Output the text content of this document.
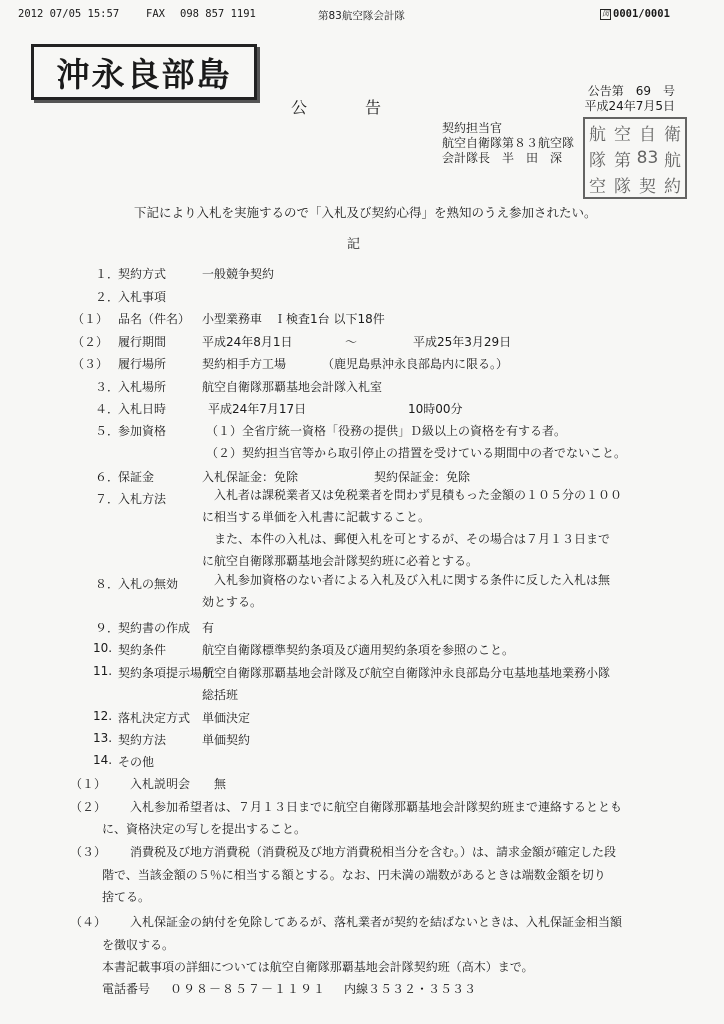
2012 07/05 15:57	FAX 098 857 1191	第83航空隊会計隊	図 0001/0001
沖永良部島	公告第　69　号
平成24年7月5日
公告
契約担当官
航空自衛隊第８３航空隊
会計隊長　半　田　深
航 空 自 衛
隊 第 83 航
空 隊 契 約
下記により入札を実施するので「入札及び契約心得」を熟知のうえ参加されたい。
記
１．
契約方式	一般競争契約
２．
入札事項
（１） 品名（件名） 小型業務車　Ｉ検査1台 以下18件
（２） 履行期間	平成24年8月1日	～	平成25年3月29日
（３） 履行場所	契約相手方工場	（鹿児島県沖永良部島内に限る。）
３．
入札場所	航空自衛隊那覇基地会計隊入札室
４．
入札日時	平成24年7月17日	10時00分
５．
参加資格	（１）全省庁統一資格「役務の提供」Ｄ級以上の資格を有する者。
（２）契約担当官等から取引停止の措置を受けている期間中の者でないこと。
６．
保証金	入札保証金：免除	契約保証金：免除
７．
入札方法	入札者は課税業者又は免税業者を問わず見積もった金額の１０５分の１００
に相当する単価を入札書に記載すること。
また、本件の入札は、郵便入札を可とするが、その場合は７月１３日まで
に航空自衛隊那覇基地会計隊契約班に必着とする。
８．
入札の無効	入札参加資格のない者による入札及び入札に関する条件に反した入札は無
効とする。
９．
契約書の作成 有
10. 契約条件	航空自衛隊標準契約条項及び適用契約条項を参照のこと。
11. 契約条項提示場所
航空自衛隊那覇基地会計隊及び航空自衛隊沖永良部島分屯基地基地業務小隊
総括班
12. 落札決定方式 単価決定
13. 契約方法	単価契約
14. その他
（１） 入札説明会 無
（２） 入札参加希望者は、７月１３日までに航空自衛隊那覇基地会計隊契約班まで連絡するととも
に、資格決定の写しを提出すること。
（３） 消費税及び地方消費税（消費税及び地方消費税相当分を含む。）は、請求金額が確定した段
階で、当該金額の５％に相当する額とする。なお、円未満の端数があるときは端数金額を切り
捨てる。
（４） 入札保証金の納付を免除してあるが、落札業者が契約を結ばないときは、入札保証金相当額
を徴収する。
本書記載事項の詳細については航空自衛隊那覇基地会計隊契約班（高木）まで。
電話番号 ０９８－８５７－１１９１ 内線３５３２・３５３３
